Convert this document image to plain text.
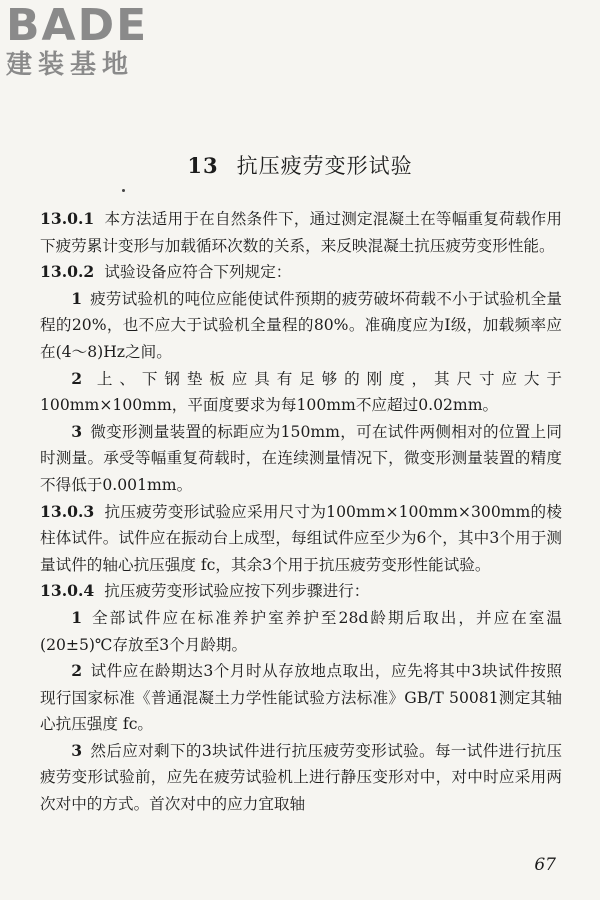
BADE
建装基地
13 抗压疲劳变形试验

13.0.1 本方法适用于在自然条件下，通过测定混凝土在等幅重复荷载作用下疲劳累计变形与加载循环次数的关系，来反映混凝土抗压疲劳变形性能。

13.0.2 试验设备应符合下列规定：

1 疲劳试验机的吨位应能使试件预期的疲劳破坏荷载不小于试验机全量程的20%，也不应大于试验机全量程的80%。准确度应为Ⅰ级，加载频率应在(4～8)Hz之间。

2 上、下钢垫板应具有足够的刚度，其尺寸应大于100mm×100mm，平面度要求为每100mm不应超过0.02mm。

3 微变形测量装置的标距应为150mm，可在试件两侧相对的位置上同时测量。承受等幅重复荷载时，在连续测量情况下，微变形测量装置的精度不得低于0.001mm。

13.0.3 抗压疲劳变形试验应采用尺寸为100mm×100mm×300mm的棱柱体试件。试件应在振动台上成型，每组试件应至少为6个，其中3个用于测量试件的轴心抗压强度 fc，其余3个用于抗压疲劳变形性能试验。

13.0.4 抗压疲劳变形试验应按下列步骤进行：

1 全部试件应在标准养护室养护至28d龄期后取出，并应在室温(20±5)℃存放至3个月龄期。

2 试件应在龄期达3个月时从存放地点取出，应先将其中3块试件按照现行国家标准《普通混凝土力学性能试验方法标准》GB/T 50081测定其轴心抗压强度 fc。

3 然后应对剩下的3块试件进行抗压疲劳变形试验。每一试件进行抗压疲劳变形试验前，应先在疲劳试验机上进行静压变形对中，对中时应采用两次对中的方式。首次对中的应力宜取轴

67
